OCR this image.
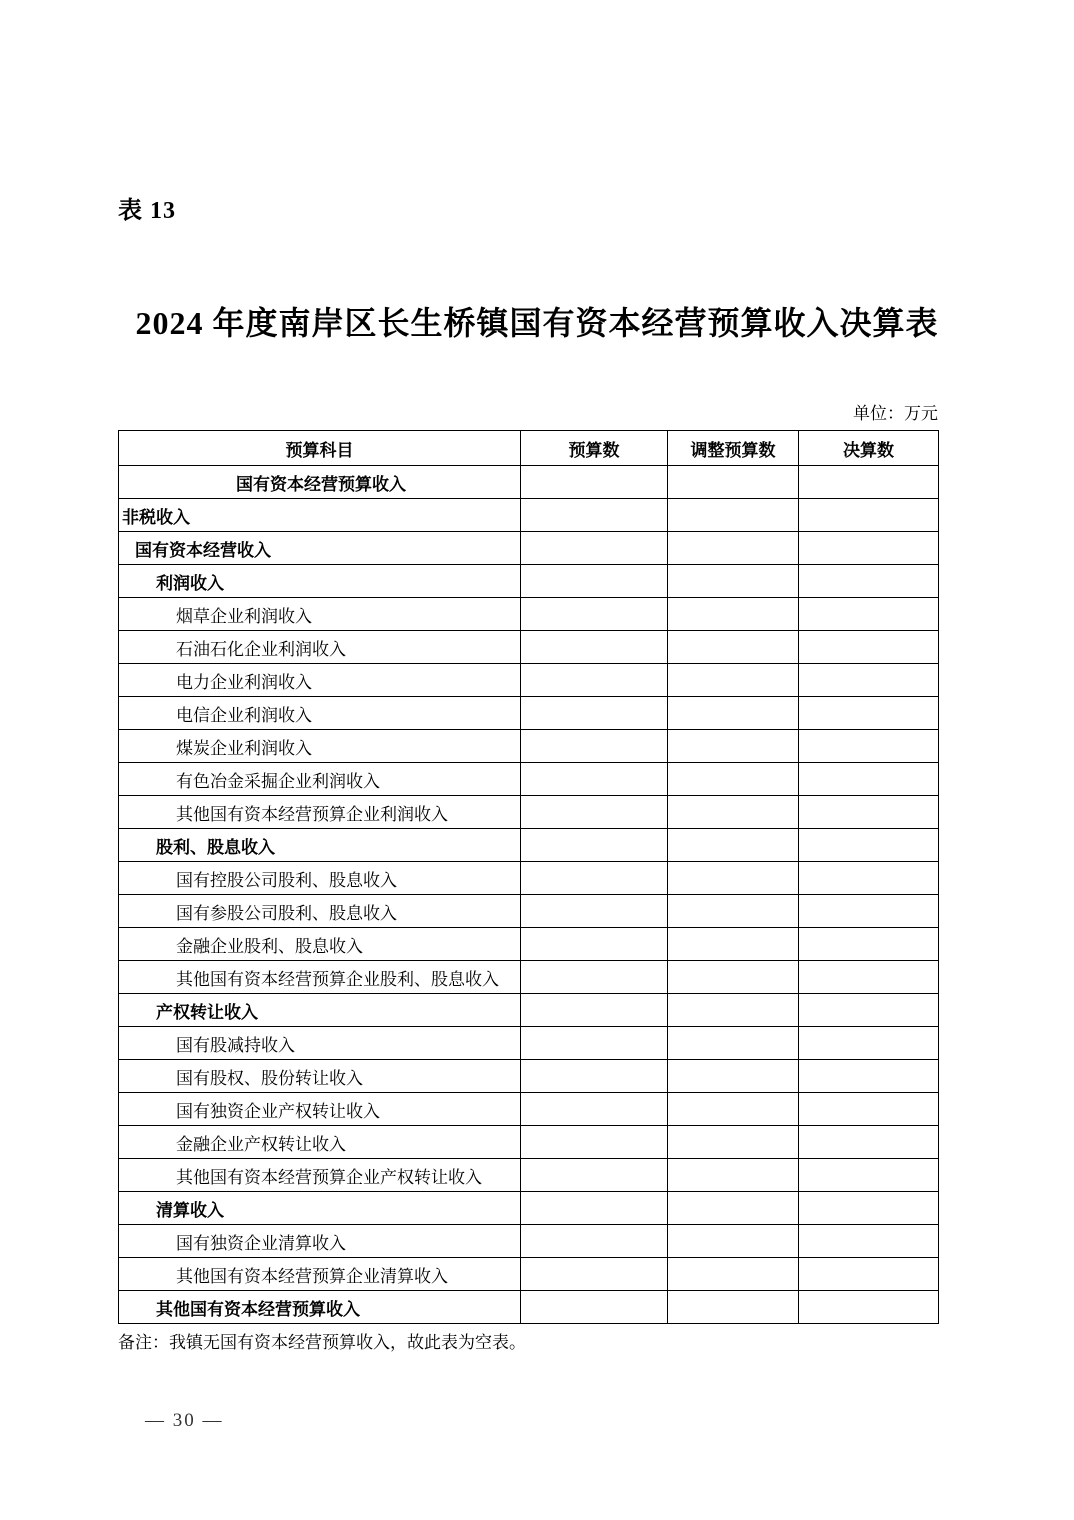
表 13
2024 年度南岸区长生桥镇国有资本经营预算收入决算表
单位：万元
预算科目	预算数	调整预算数	决算数
国有资本经营预算收入			
非税收入			
国有资本经营收入			
利润收入			
烟草企业利润收入			
石油石化企业利润收入			
电力企业利润收入			
电信企业利润收入			
煤炭企业利润收入			
有色冶金采掘企业利润收入			
其他国有资本经营预算企业利润收入			
股利、股息收入			
国有控股公司股利、股息收入			
国有参股公司股利、股息收入			
金融企业股利、股息收入			
其他国有资本经营预算企业股利、股息收入			
产权转让收入			
国有股减持收入			
国有股权、股份转让收入			
国有独资企业产权转让收入			
金融企业产权转让收入			
其他国有资本经营预算企业产权转让收入			
清算收入			
国有独资企业清算收入			
其他国有资本经营预算企业清算收入			
其他国有资本经营预算收入			
备注：我镇无国有资本经营预算收入，故此表为空表。
— 30 —
